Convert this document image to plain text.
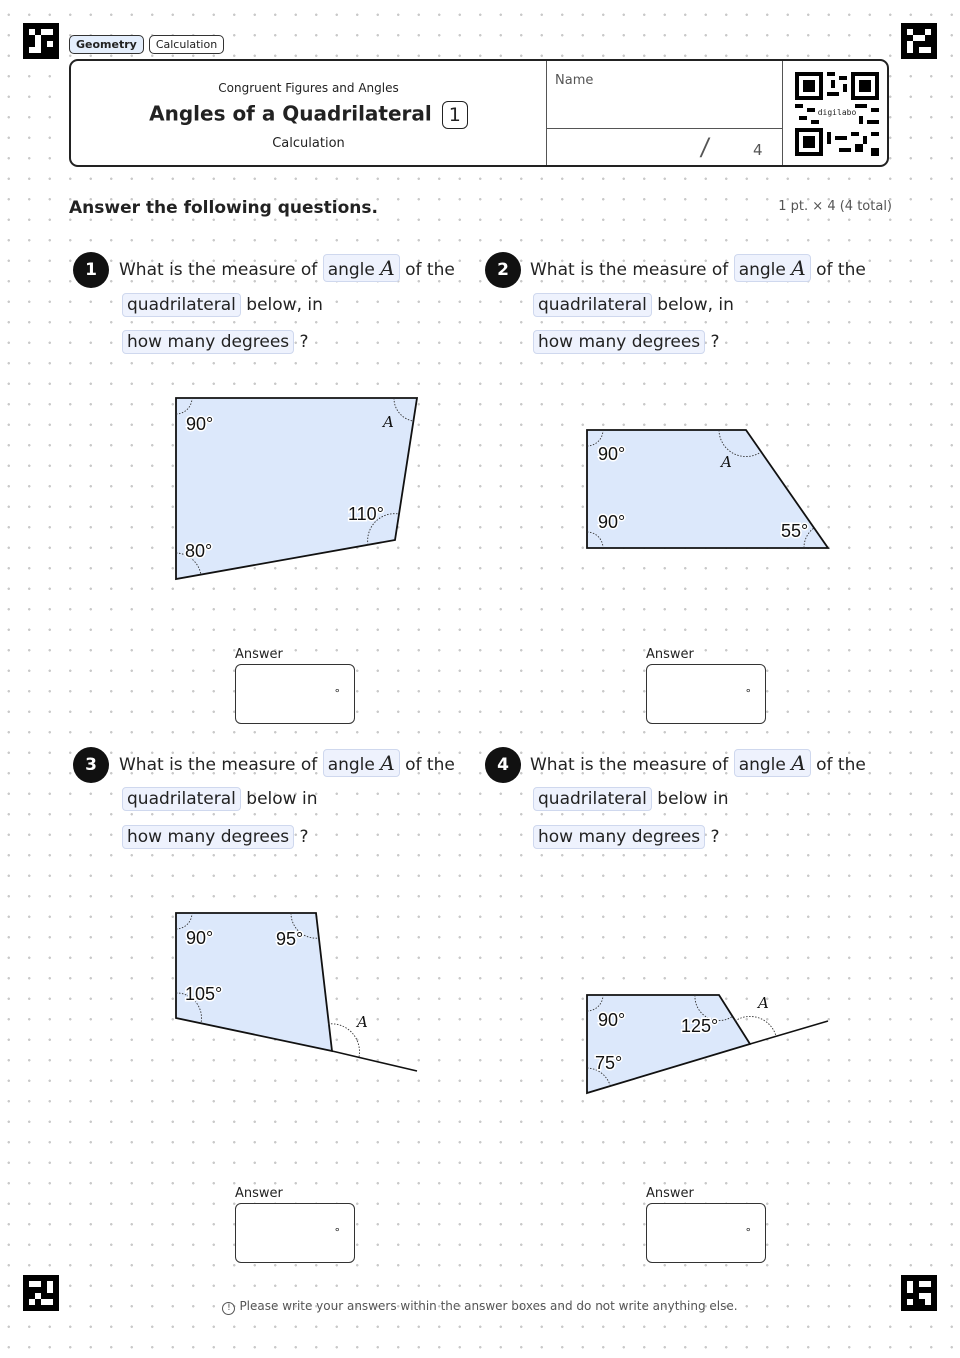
Geometry	Calculation
Congruent Figures and Angles
Angles of a Quadrilateral 1
Calculation
Name
/	4
digilabo
Answer the following questions.	1 pt. × 4 (4 total)
1	What is the measure of angle A of the
quadrilateral below, in
how many degrees ?
90°	A
110°
80°
90°	A
90°	55°
90°	95°
105°
A	90°	125°
75°
A
Answer
°
2	What is the measure of angle A of the
quadrilateral below, in
how many degrees ?
Answer
°
3	What is the measure of angle A of the
quadrilateral below in
how many degrees ?
Answer
°
4	What is the measure of angle A of the
quadrilateral below in
how many degrees ?
Answer
°
! Please write your answers within the answer boxes and do not write anything else.
